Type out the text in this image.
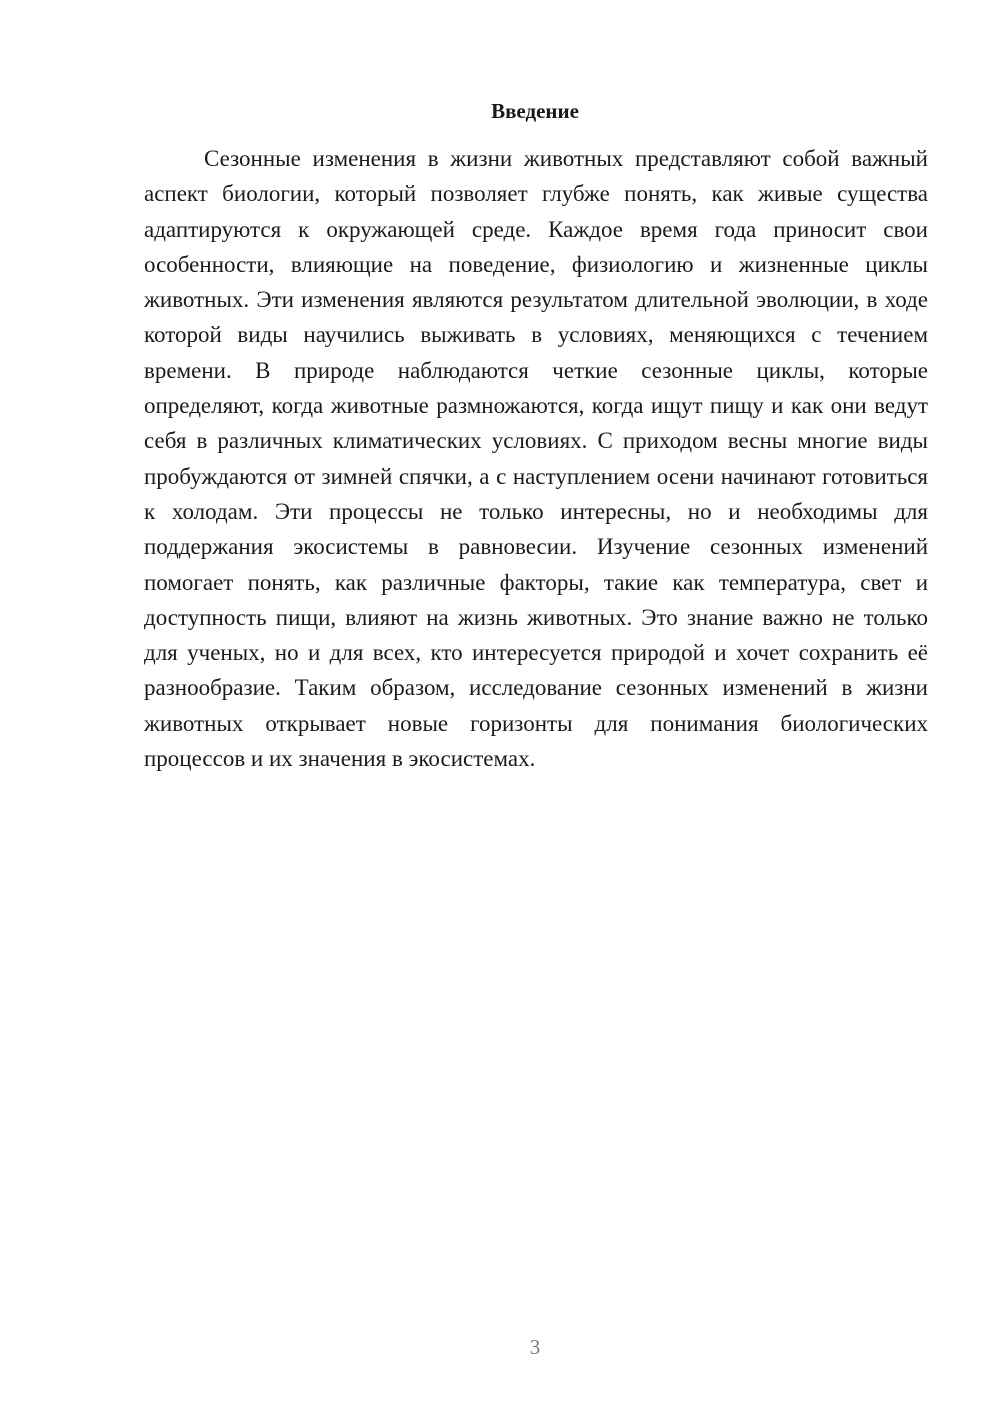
Введение

Сезонные изменения в жизни животных представляют собой важный аспект биологии, который позволяет глубже понять, как живые существа адаптируются к окружающей среде. Каждое время года приносит свои особенности, влияющие на поведение, физиологию и жизненные циклы животных. Эти изменения являются результатом длительной эволюции, в ходе которой виды научились выживать в условиях, меняющихся с течением времени. В природе наблюдаются четкие сезонные циклы, которые определяют, когда животные размножаются, когда ищут пищу и как они ведут себя в различных климатических условиях. С приходом весны многие виды пробуждаются от зимней спячки, а с наступлением осени начинают готовиться к холодам. Эти процессы не только интересны, но и необходимы для поддержания экосистемы в равновесии. Изучение сезонных изменений помогает понять, как различные факторы, такие как температура, свет и доступность пищи, влияют на жизнь животных. Это знание важно не только для ученых, но и для всех, кто интересуется природой и хочет сохранить её разнообразие. Таким образом, исследование сезонных изменений в жизни животных открывает новые горизонты для понимания биологических процессов и их значения в экосистемах.

3
